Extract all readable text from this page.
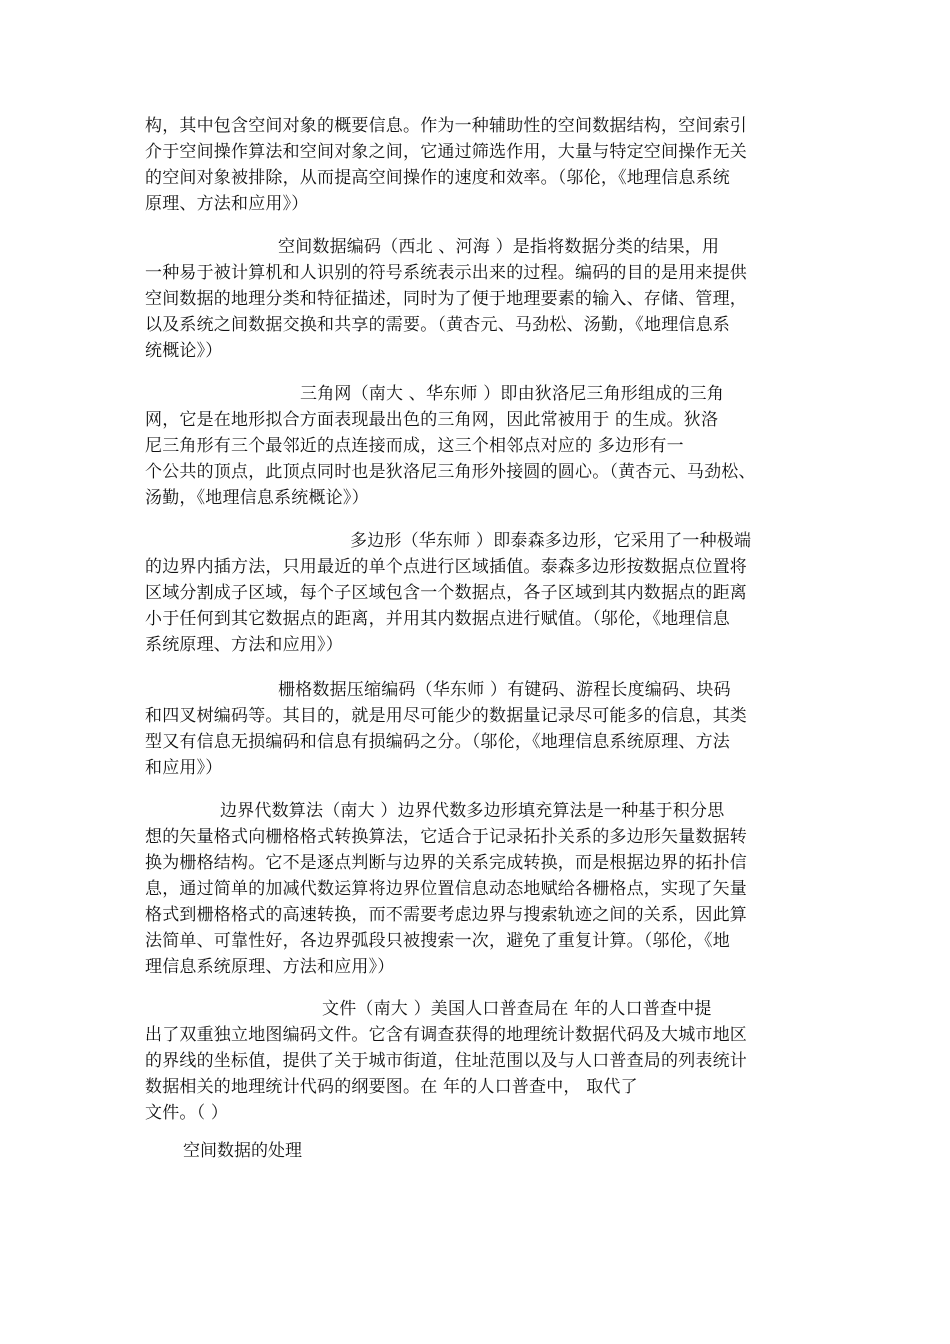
构，其中包含空间对象的概要信息。作为一种辅助性的空间数据结构，空间索引
介于空间操作算法和空间对象之间，它通过筛选作用，大量与特定空间操作无关
的空间对象被排除，从而提高空间操作的速度和效率。（邬伦，《地理信息系统
原理、方法和应用》）
空间数据编码（西北 、河海 ）是指将数据分类的结果，用
一种易于被计算机和人识别的符号系统表示出来的过程。编码的目的是用来提供
空间数据的地理分类和特征描述，同时为了便于地理要素的输入、存储、管理，
以及系统之间数据交换和共享的需要。（黄杏元、马劲松、汤勤，《地理信息系
统概论》）
三角网（南大 、华东师 ）即由狄洛尼三角形组成的三角
网，它是在地形拟合方面表现最出色的三角网，因此常被用于 的生成。狄洛
尼三角形有三个最邻近的点连接而成，这三个相邻点对应的 多边形有一
个公共的顶点，此顶点同时也是狄洛尼三角形外接圆的圆心。（黄杏元、马劲松、
汤勤，《地理信息系统概论》）
多边形（华东师 ）即泰森多边形，它采用了一种极端
的边界内插方法，只用最近的单个点进行区域插值。泰森多边形按数据点位置将
区域分割成子区域，每个子区域包含一个数据点，各子区域到其内数据点的距离
小于任何到其它数据点的距离，并用其内数据点进行赋值。（邬伦，《地理信息
系统原理、方法和应用》）
栅格数据压缩编码（华东师 ）有键码、游程长度编码、块码
和四叉树编码等。其目的，就是用尽可能少的数据量记录尽可能多的信息，其类
型又有信息无损编码和信息有损编码之分。（邬伦，《地理信息系统原理、方法
和应用》）
边界代数算法（南大 ）边界代数多边形填充算法是一种基于积分思
想的矢量格式向栅格格式转换算法，它适合于记录拓扑关系的多边形矢量数据转
换为栅格结构。它不是逐点判断与边界的关系完成转换，而是根据边界的拓扑信
息，通过简单的加减代数运算将边界位置信息动态地赋给各栅格点，实现了矢量
格式到栅格格式的高速转换，而不需要考虑边界与搜索轨迹之间的关系，因此算
法简单、可靠性好，各边界弧段只被搜索一次，避免了重复计算。（邬伦，《地
理信息系统原理、方法和应用》）
文件（南大 ）美国人口普查局在 年的人口普查中提
出了双重独立地图编码文件。它含有调查获得的地理统计数据代码及大城市地区
的界线的坐标值，提供了关于城市街道，住址范围以及与人口普查局的列表统计
数据相关的地理统计代码的纲要图。在 年的人口普查中， 取代了
文件。（ ）
空间数据的处理
